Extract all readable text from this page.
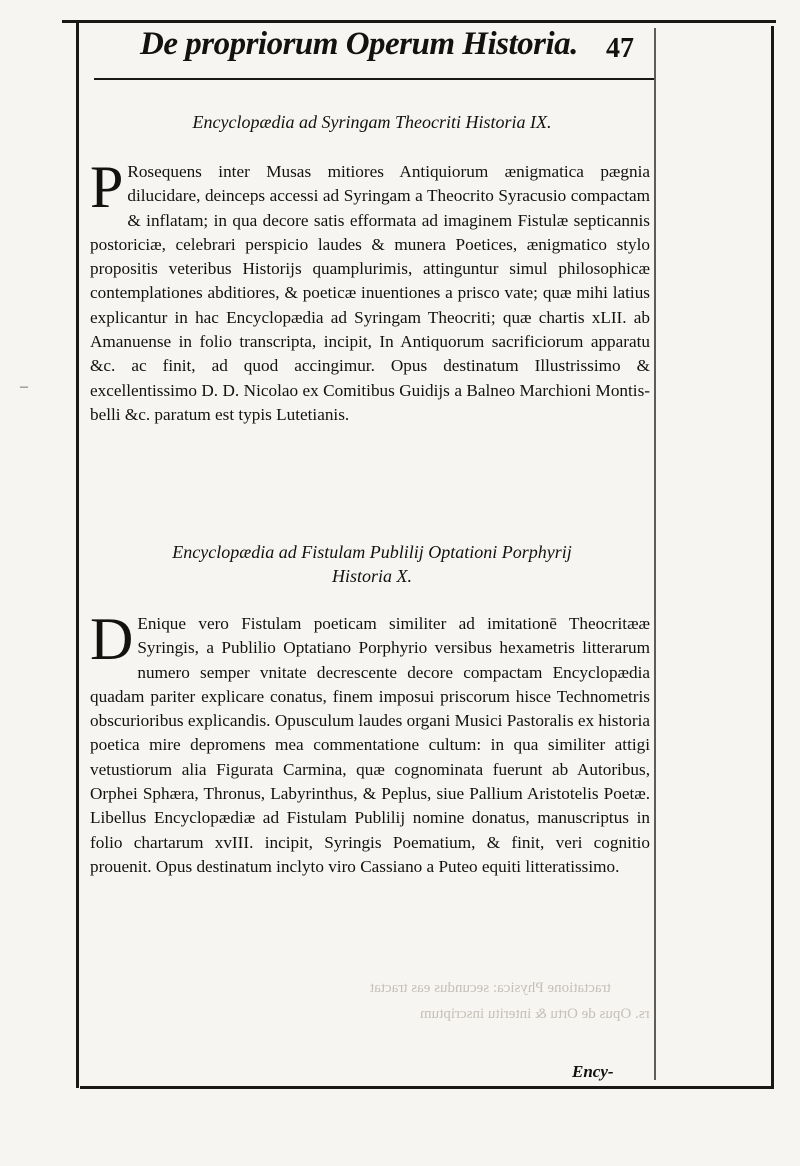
–
rs. Opus de Ortu & interitu inscriptum
tractatione Physica: secundus eas tractat
De propriorum Operum Historia.	47
Encyclopædia ad Syringam Theocriti Historia IX.

P Rosequens inter Musas mitiores Antiquiorum ænigmatica pægnia dilucidare, deinceps accessi ad Syringam a Theocrito Syracusio compactam & inflatam; in qua decore satis efformata ad imaginem Fistulæ septicannis postoriciæ, celebrari perspicio laudes & munera Poetices, ænigmatico stylo propositis veteribus Historijs quamplurimis, attinguntur simul philosophicæ contemplationes abditiores, & poeticæ inuentiones a prisco vate; quæ mihi latius explicantur in hac Encyclopædia ad Syringam Theocriti; quæ chartis xLII. ab Amanuense in folio transcripta, incipit, In Antiquorum sacrificiorum apparatu &c. ac finit, ad quod accingimur. Opus destinatum Illustrissimo & excellentissimo D. D. Nicolao ex Comitibus Guidijs a Balneo Marchioni Montis-belli &c. paratum est typis Lutetianis.

Encyclopædia ad Fistulam Publilij Optationi Porphyrij
Historia X.

D Enique vero Fistulam poeticam similiter ad imitationē Theocritææ Syringis, a Publilio Optatiano Porphyrio versibus hexametris litterarum numero semper vnitate decrescente decore compactam Encyclopædia quadam pariter explicare conatus, finem imposui priscorum hisce Technometris obscurioribus explicandis. Opusculum laudes organi Musici Pastoralis ex historia poetica mire depromens mea commentatione cultum: in qua similiter attigi vetustiorum alia Figurata Carmina, quæ cognominata fuerunt ab Autoribus, Orphei Sphæra, Thronus, Labyrinthus, & Peplus, siue Pallium Aristotelis Poetæ. Libellus Encyclopædiæ ad Fistulam Publilij nomine donatus, manuscriptus in folio chartarum xvIII. incipit, Syringis Poematium, & finit, veri cognitio prouenit. Opus destinatum inclyto viro Cassiano a Puteo equiti litteratissimo.

Ency-
